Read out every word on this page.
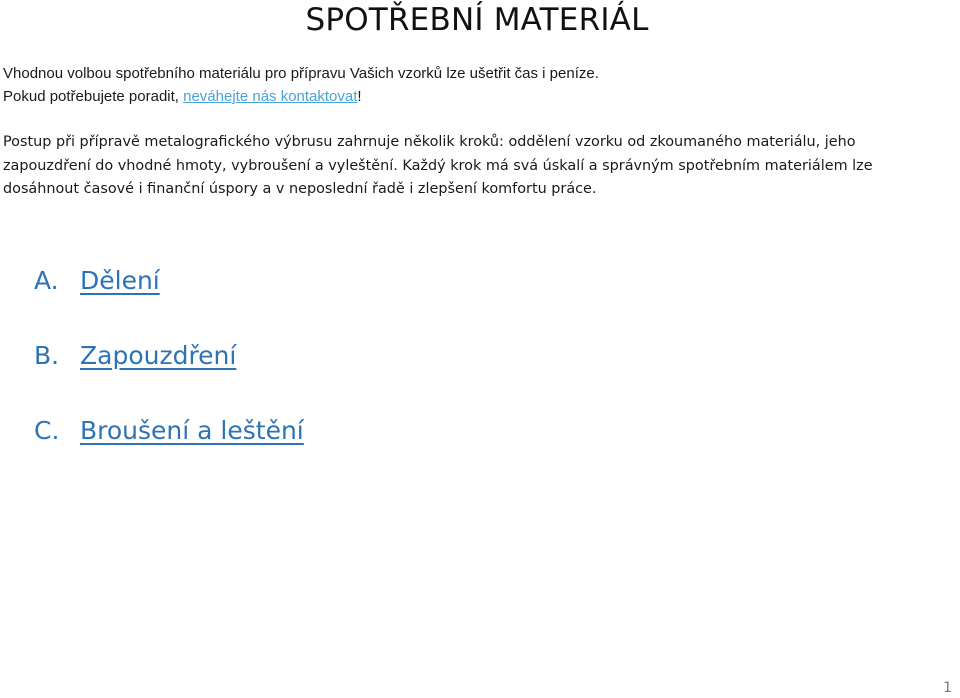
SPOTŘEBNÍ MATERIÁL

Vhodnou volbou spotřebního materiálu pro přípravu Vašich vzorků lze ušetřit čas i peníze.

Pokud potřebujete poradit, neváhejte nás kontaktovat!

Postup při přípravě metalografického výbrusu zahrnuje několik kroků: oddělení vzorku od zkoumaného materiálu, jeho zapouzdření do vhodné hmoty, vybroušení a vyleštění. Každý krok má svá úskalí a správným spotřebním materiálem lze dosáhnout časové i finanční úspory a v neposlední řadě i zlepšení komfortu práce.

A. Dělení
B. Zapouzdření
C. Broušení a leštění
1
